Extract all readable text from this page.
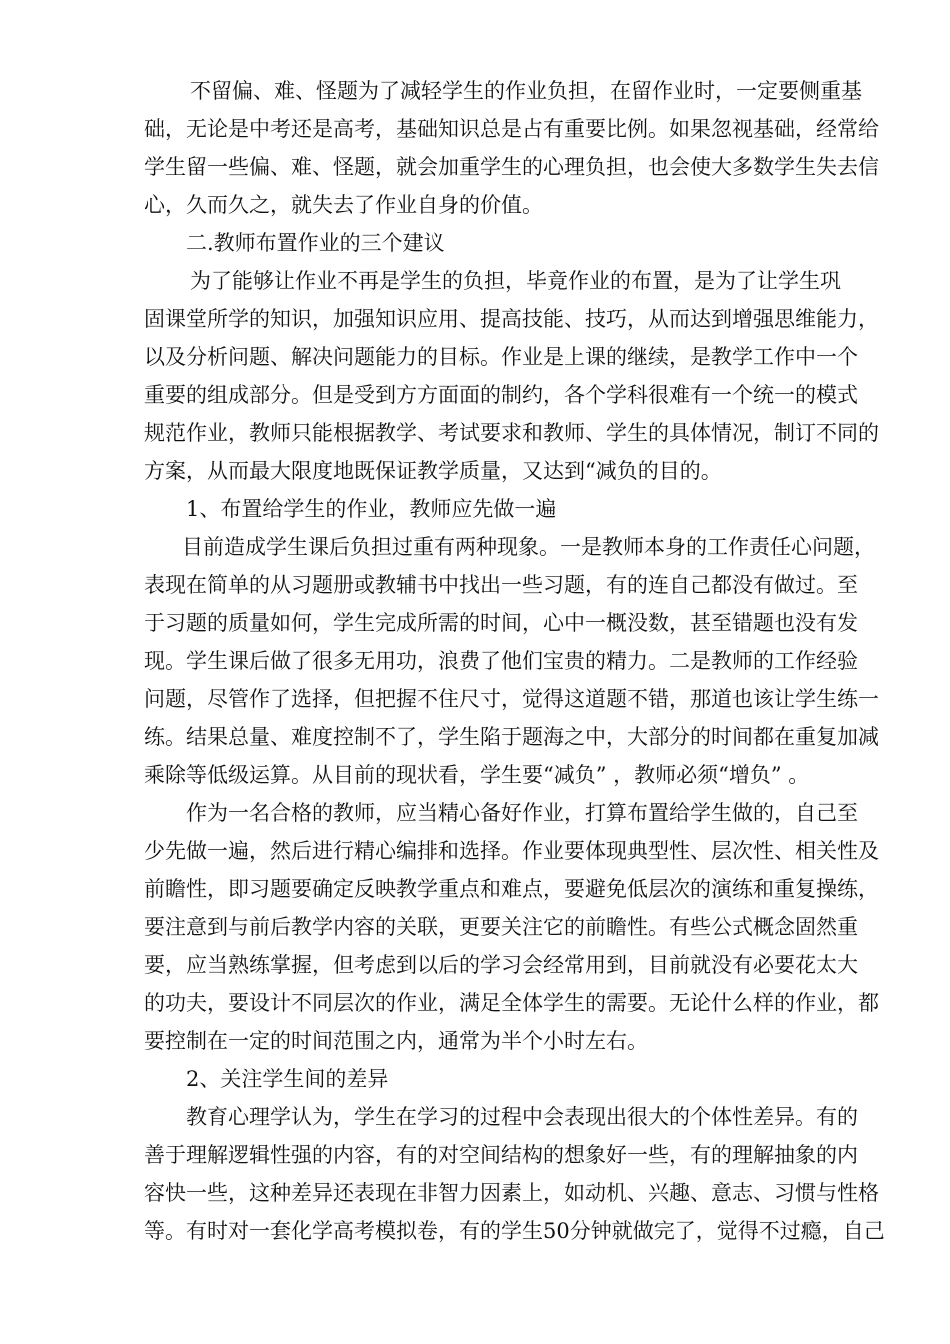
不留偏、难、怪题为了减轻学生的作业负担，在留作业时，一定要侧重基
础，无论是中考还是高考，基础知识总是占有重要比例。如果忽视基础，经常给
学生留一些偏、难、怪题，就会加重学生的心理负担，也会使大多数学生失去信
心，久而久之，就失去了作业自身的价值。
二.教师布置作业的三个建议
为了能够让作业不再是学生的负担，毕竟作业的布置，是为了让学生巩
固课堂所学的知识，加强知识应用、提高技能、技巧，从而达到增强思维能力，
以及分析问题、解决问题能力的目标。作业是上课的继续，是教学工作中一个
重要的组成部分。但是受到方方面面的制约，各个学科很难有一个统一的模式
规范作业，教师只能根据教学、考试要求和教师、学生的具体情况，制订不同的
方案，从而最大限度地既保证教学质量，又达到“减负的目的。
1、布置给学生的作业，教师应先做一遍
目前造成学生课后负担过重有两种现象。一是教师本身的工作责任心问题，
表现在简单的从习题册或教辅书中找出一些习题，有的连自己都没有做过。至
于习题的质量如何，学生完成所需的时间，心中一概没数，甚至错题也没有发
现。学生课后做了很多无用功，浪费了他们宝贵的精力。二是教师的工作经验
问题，尽管作了选择，但把握不住尺寸，觉得这道题不错，那道也该让学生练一
练。结果总量、难度控制不了，学生陷于题海之中，大部分的时间都在重复加减
乘除等低级运算。从目前的现状看，学生要“减负” ，教师必须“增负” 。
作为一名合格的教师，应当精心备好作业，打算布置给学生做的，自己至
少先做一遍，然后进行精心编排和选择。作业要体现典型性、层次性、相关性及
前瞻性，即习题要确定反映教学重点和难点，要避免低层次的演练和重复操练，
要注意到与前后教学内容的关联，更要关注它的前瞻性。有些公式概念固然重
要，应当熟练掌握，但考虑到以后的学习会经常用到，目前就没有必要花太大
的功夫，要设计不同层次的作业，满足全体学生的需要。无论什么样的作业，都
要控制在一定的时间范围之内，通常为半个小时左右。
2、关注学生间的差异
教育心理学认为，学生在学习的过程中会表现出很大的个体性差异。有的
善于理解逻辑性强的内容，有的对空间结构的想象好一些，有的理解抽象的内
容快一些，这种差异还表现在非智力因素上，如动机、兴趣、意志、习惯与性格
等。有时对一套化学高考模拟卷，有的学生50分钟就做完了，觉得不过瘾，自己
